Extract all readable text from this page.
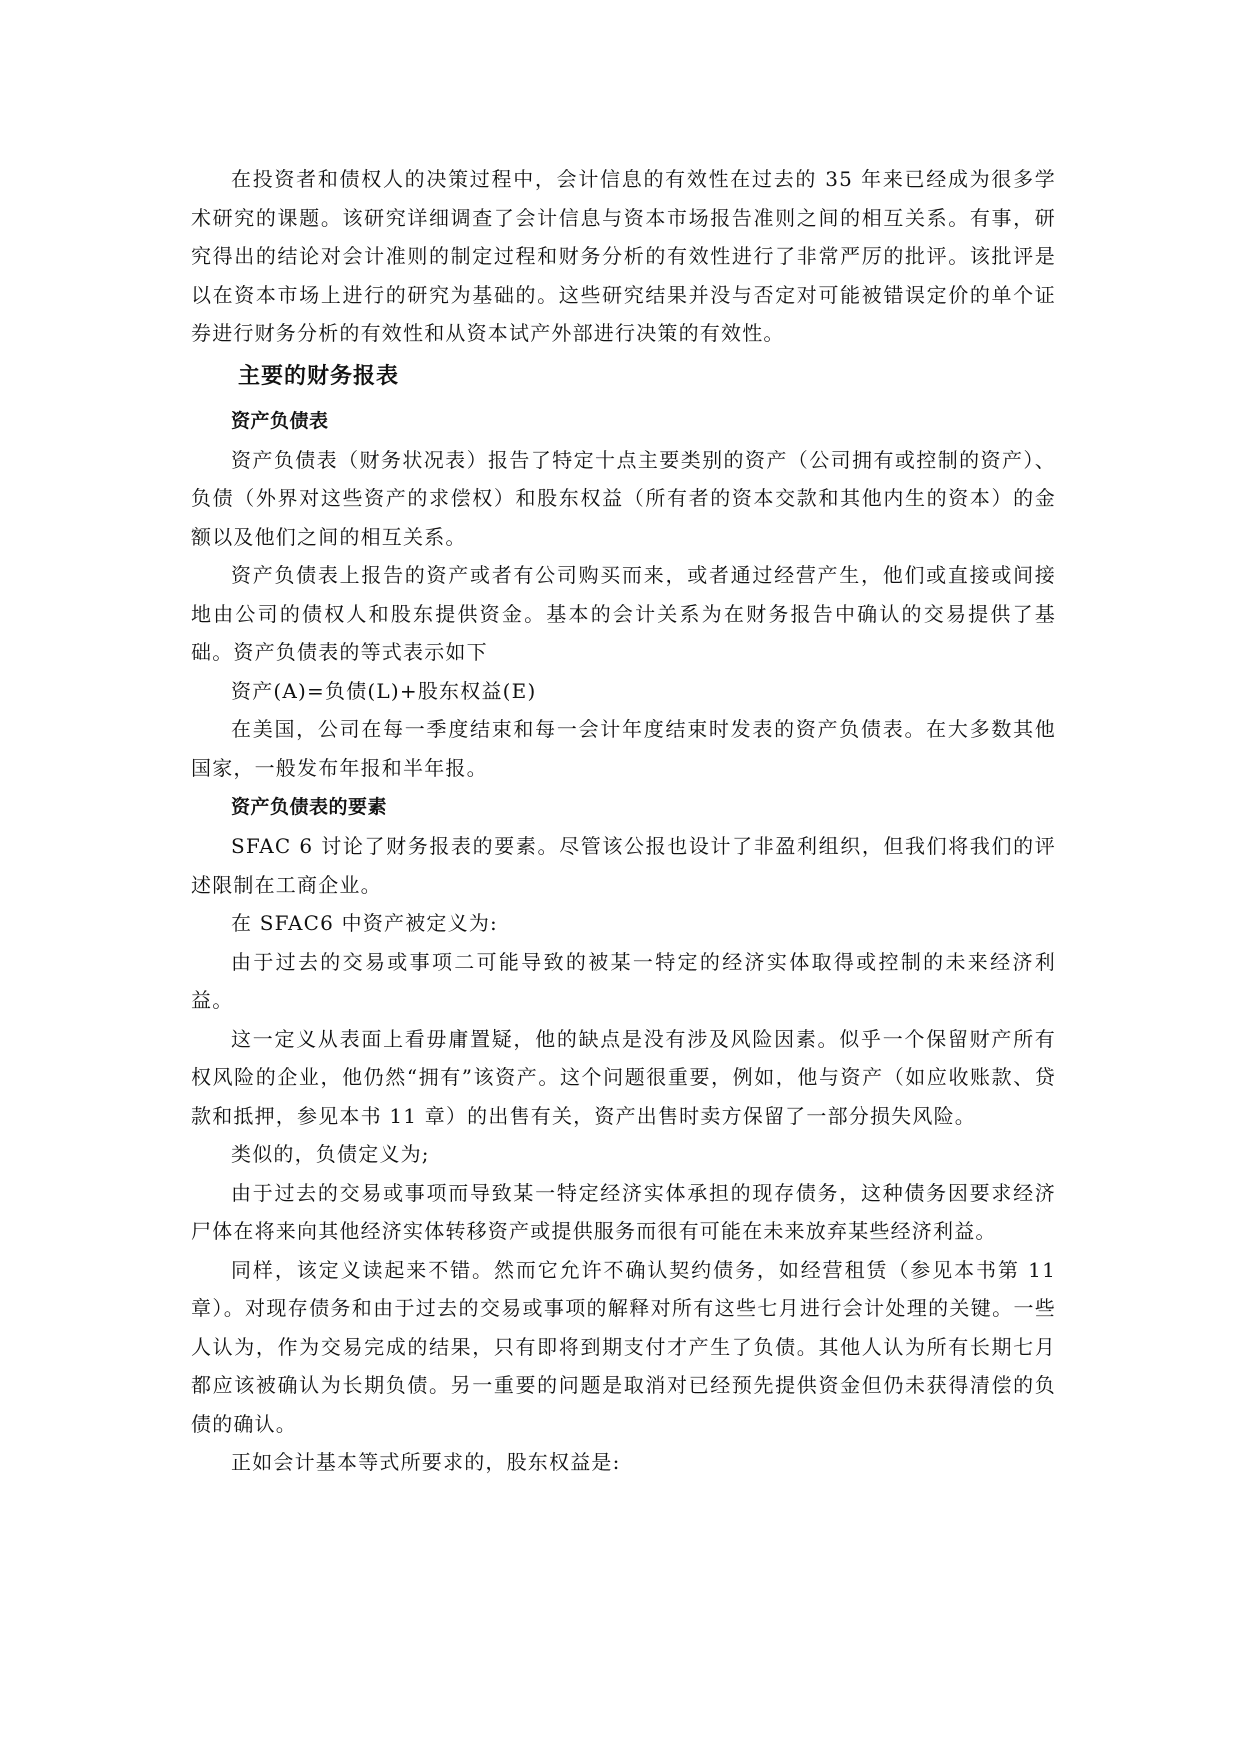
在投资者和债权人的决策过程中，会计信息的有效性在过去的 35 年来已经成为很多学术研究的课题。该研究详细调查了会计信息与资本市场报告准则之间的相互关系。有事，研究得出的结论对会计准则的制定过程和财务分析的有效性进行了非常严厉的批评。该批评是以在资本市场上进行的研究为基础的。这些研究结果并没与否定对可能被错误定价的单个证券进行财务分析的有效性和从资本试产外部进行决策的有效性。

主要的财务报表
资产负债表

资产负债表（财务状况表）报告了特定十点主要类别的资产（公司拥有或控制的资产）、负债（外界对这些资产的求偿权）和股东权益（所有者的资本交款和其他内生的资本）的金额以及他们之间的相互关系。

资产负债表上报告的资产或者有公司购买而来，或者通过经营产生，他们或直接或间接地由公司的债权人和股东提供资金。基本的会计关系为在财务报告中确认的交易提供了基础。资产负债表的等式表示如下

资产(A)=负债(L)+股东权益(E)

在美国，公司在每一季度结束和每一会计年度结束时发表的资产负债表。在大多数其他国家，一般发布年报和半年报。

资产负债表的要素

SFAC 6 讨论了财务报表的要素。尽管该公报也设计了非盈利组织，但我们将我们的评述限制在工商企业。

在 SFAC6 中资产被定义为:

由于过去的交易或事项二可能导致的被某一特定的经济实体取得或控制的未来经济利益。

这一定义从表面上看毋庸置疑，他的缺点是没有涉及风险因素。似乎一个保留财产所有权风险的企业，他仍然“拥有”该资产。这个问题很重要，例如，他与资产（如应收账款、贷款和抵押，参见本书 11 章）的出售有关，资产出售时卖方保留了一部分损失风险。

类似的，负债定义为;

由于过去的交易或事项而导致某一特定经济实体承担的现存债务，这种债务因要求经济尸体在将来向其他经济实体转移资产或提供服务而很有可能在未来放弃某些经济利益。

同样，该定义读起来不错。然而它允许不确认契约债务，如经营租赁（参见本书第 11 章）。对现存债务和由于过去的交易或事项的解释对所有这些七月进行会计处理的关键。一些人认为，作为交易完成的结果，只有即将到期支付才产生了负债。其他人认为所有长期七月都应该被确认为长期负债。另一重要的问题是取消对已经预先提供资金但仍未获得清偿的负债的确认。

正如会计基本等式所要求的，股东权益是:
